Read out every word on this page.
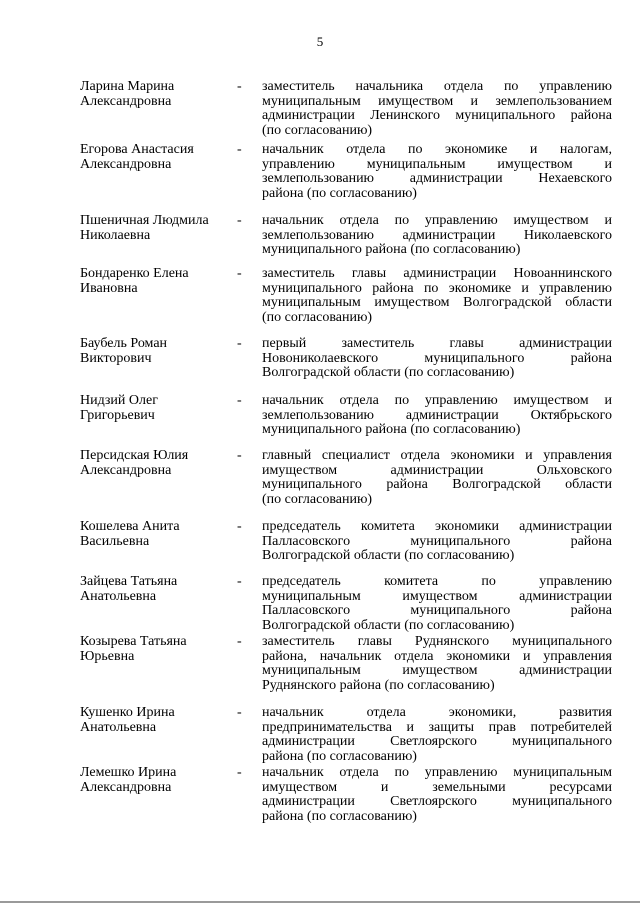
5
Ларина Марина
Александровна
- заместитель начальника отдела по управлению
муниципальным имуществом и землепользованием
администрации Ленинского муниципального района
(по согласованию)
Егорова Анастасия
Александровна
- начальник отдела по экономике и налогам,
управлению муниципальным имуществом и
землепользованию	администрации	Нехаевского
района (по согласованию)
Пшеничная Людмила
Николаевна
- начальник отдела по управлению имуществом и
землепользованию администрации Николаевского
муниципального района (по согласованию)
Бондаренко Елена
Ивановна
- заместитель главы администрации Новоаннинского
муниципального района по экономике и управлению
муниципальным имуществом Волгоградской области
(по согласованию)
Баубель Роман
Викторович
- первый	заместитель	главы	администрации
Новониколаевского	муниципального	района
Волгоградской области (по согласованию)
Нидзий Олег
Григорьевич
- начальник отдела по управлению имуществом и
землепользованию администрации Октябрьского
муниципального района (по согласованию)
Персидская Юлия
Александровна
- главный специалист отдела экономики и управления
имуществом	администрации	Ольховского
муниципального района Волгоградской области
(по согласованию)
Кошелева Анита
Васильевна
- председатель комитета экономики администрации
Палласовского	муниципального	района
Волгоградской области (по согласованию)
Зайцева Татьяна
Анатольевна
- председатель	комитета	по	управлению
муниципальным	имуществом	администрации
Палласовского	муниципального	района
Волгоградской области (по согласованию)
Козырева Татьяна
Юрьевна
- заместитель главы Руднянского муниципального
района, начальник отдела экономики и управления
муниципальным	имуществом	администрации
Руднянского района (по согласованию)
Кушенко Ирина
Анатольевна
- начальник	отдела	экономики,	развития
предпринимательства и защиты прав потребителей
администрации	Светлоярского	муниципального
района (по согласованию)
Лемешко Ирина
Александровна
- начальник отдела по управлению муниципальным
имуществом	и	земельными	ресурсами
администрации	Светлоярского	муниципального
района (по согласованию)
